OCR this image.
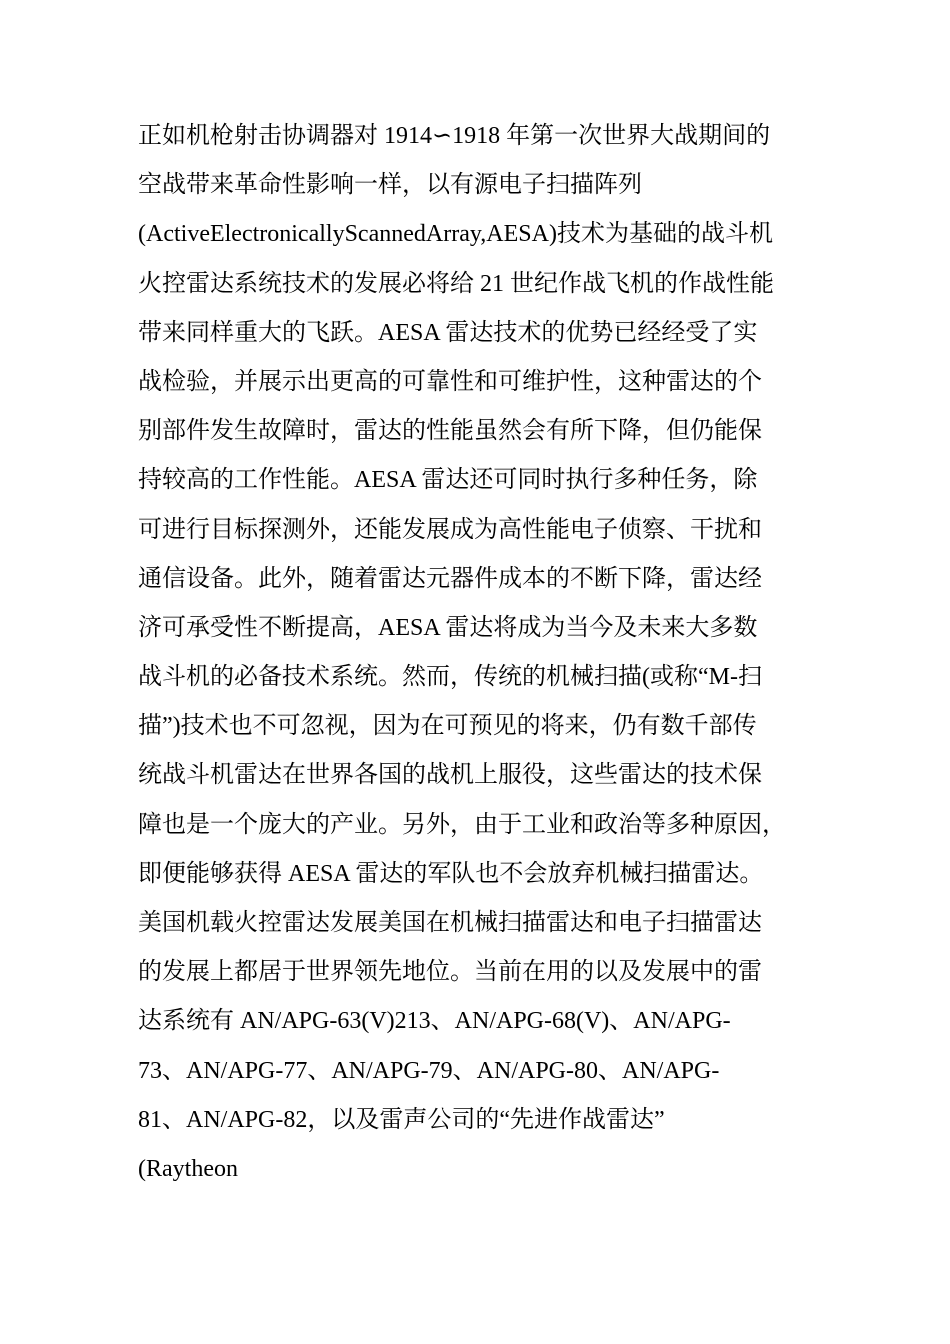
正如机枪射击协调器对 1914∽1918 年第一次世界大战期间的
空战带来革命性影响一样，以有源电子扫描阵列
(ActiveElectronicallyScannedArray,AESA)技术为基础的战斗机
火控雷达系统技术的发展必将给 21 世纪作战飞机的作战性能
带来同样重大的飞跃。AESA 雷达技术的优势已经经受了实
战检验，并展示出更高的可靠性和可维护性，这种雷达的个
别部件发生故障时，雷达的性能虽然会有所下降，但仍能保
持较高的工作性能。AESA 雷达还可同时执行多种任务，除
可进行目标探测外，还能发展成为高性能电子侦察、干扰和
通信设备。此外，随着雷达元器件成本的不断下降，雷达经
济可承受性不断提高，AESA 雷达将成为当今及未来大多数
战斗机的必备技术系统。然而，传统的机械扫描(或称“M-扫
描”)技术也不可忽视，因为在可预见的将来，仍有数千部传
统战斗机雷达在世界各国的战机上服役，这些雷达的技术保
障也是一个庞大的产业。另外，由于工业和政治等多种原因，
即便能够获得 AESA 雷达的军队也不会放弃机械扫描雷达。
美国机载火控雷达发展美国在机械扫描雷达和电子扫描雷达
的发展上都居于世界领先地位。当前在用的以及发展中的雷
达系统有 AN/APG-63(V)213、AN/APG-68(V)、AN/APG-
73、AN/APG-77、AN/APG-79、AN/APG-80、AN/APG-
81、AN/APG-82，以及雷声公司的“先进作战雷达”
(Raytheon
